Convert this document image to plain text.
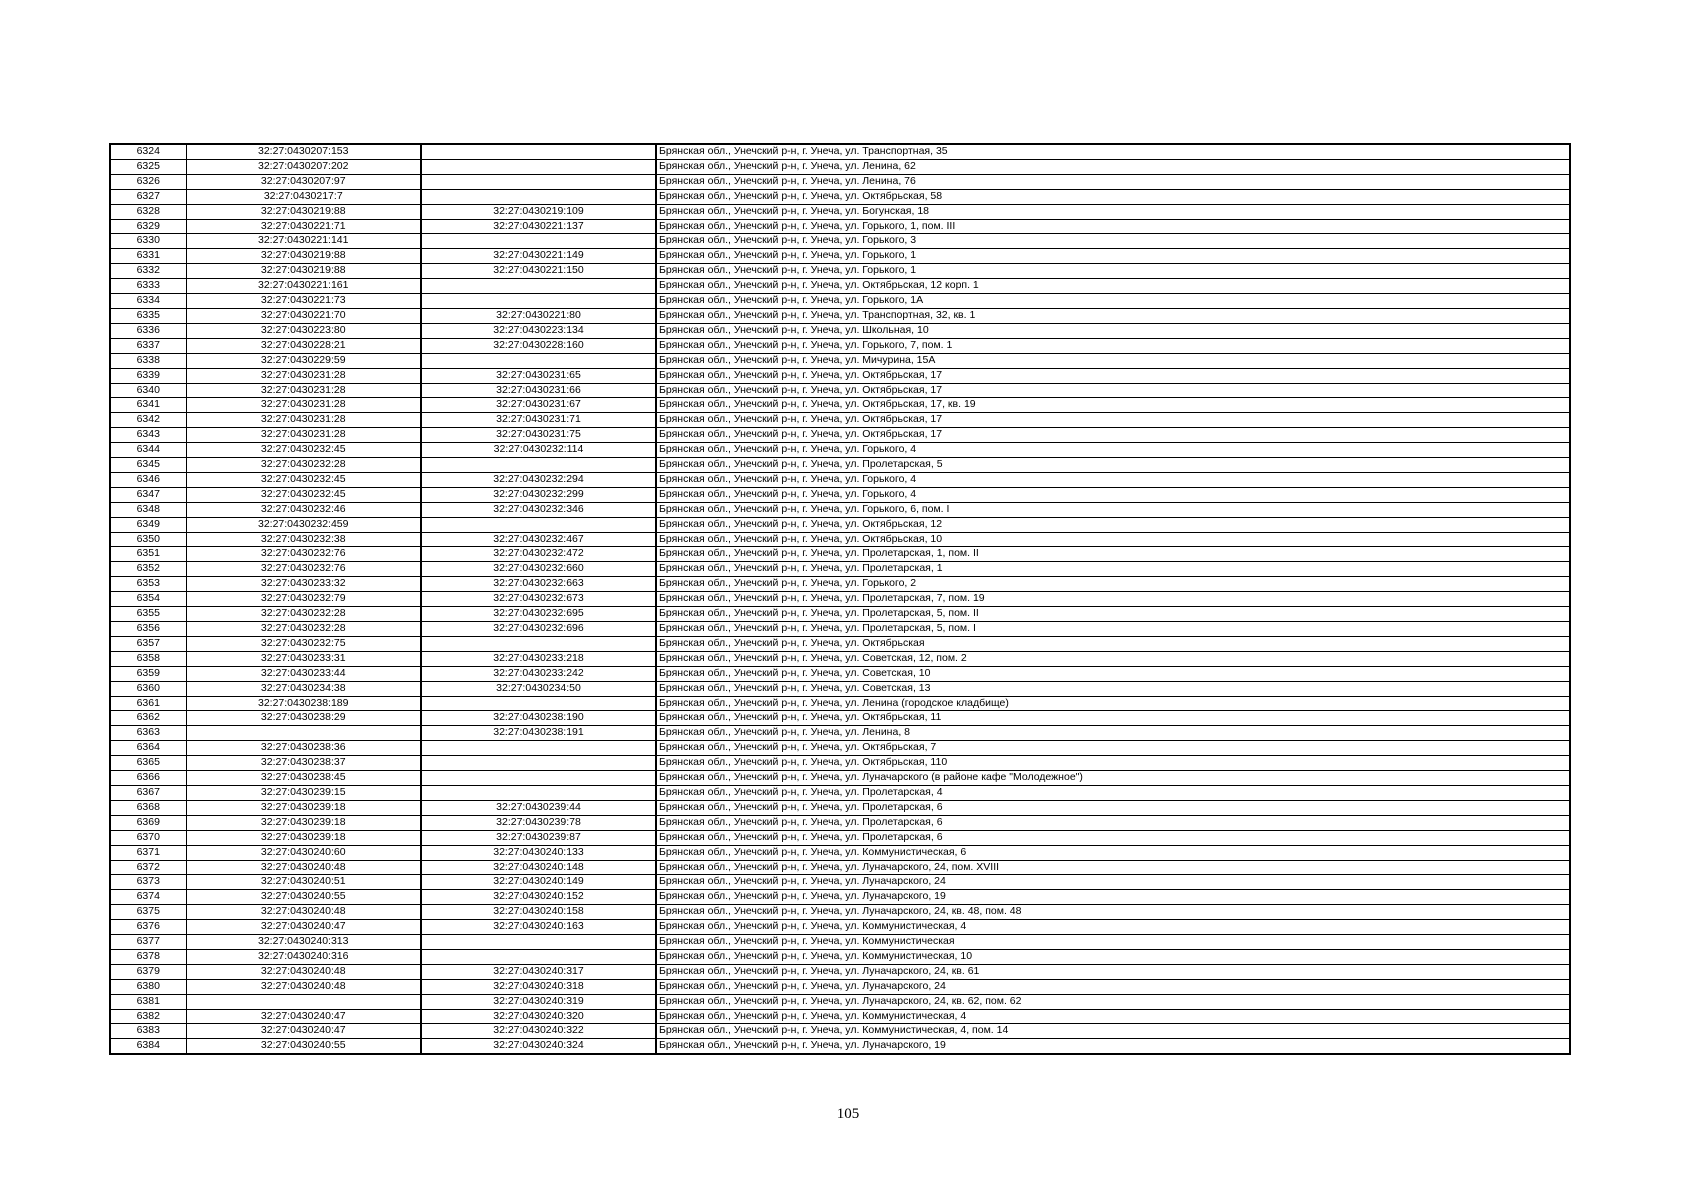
6324	32:27:0430207:153		Брянская обл., Унечский р-н, г. Унеча, ул. Транспортная, 35
6325	32:27:0430207:202		Брянская обл., Унечский р-н, г. Унеча, ул. Ленина, 62
6326	32:27:0430207:97		Брянская обл., Унечский р-н, г. Унеча, ул. Ленина, 76
6327	32:27:0430217:7		Брянская обл., Унечский р-н, г. Унеча, ул. Октябрьская, 58
6328	32:27:0430219:88	32:27:0430219:109	Брянская обл., Унечский р-н, г. Унеча, ул. Богунская, 18
6329	32:27:0430221:71	32:27:0430221:137	Брянская обл., Унечский р-н, г. Унеча, ул. Горького, 1, пом. III
6330	32:27:0430221:141		Брянская обл., Унечский р-н, г. Унеча, ул. Горького, 3
6331	32:27:0430219:88	32:27:0430221:149	Брянская обл., Унечский р-н, г. Унеча, ул. Горького, 1
6332	32:27:0430219:88	32:27:0430221:150	Брянская обл., Унечский р-н, г. Унеча, ул. Горького, 1
6333	32:27:0430221:161		Брянская обл., Унечский р-н, г. Унеча, ул. Октябрьская, 12 корп. 1
6334	32:27:0430221:73		Брянская обл., Унечский р-н, г. Унеча, ул. Горького, 1А
6335	32:27:0430221:70	32:27:0430221:80	Брянская обл., Унечский р-н, г. Унеча, ул. Транспортная, 32, кв. 1
6336	32:27:0430223:80	32:27:0430223:134	Брянская обл., Унечский р-н, г. Унеча, ул. Школьная, 10
6337	32:27:0430228:21	32:27:0430228:160	Брянская обл., Унечский р-н, г. Унеча, ул. Горького, 7, пом. 1
6338	32:27:0430229:59		Брянская обл., Унечский р-н, г. Унеча, ул. Мичурина, 15А
6339	32:27:0430231:28	32:27:0430231:65	Брянская обл., Унечский р-н, г. Унеча, ул. Октябрьская, 17
6340	32:27:0430231:28	32:27:0430231:66	Брянская обл., Унечский р-н, г. Унеча, ул. Октябрьская, 17
6341	32:27:0430231:28	32:27:0430231:67	Брянская обл., Унечский р-н, г. Унеча, ул. Октябрьская, 17, кв. 19
6342	32:27:0430231:28	32:27:0430231:71	Брянская обл., Унечский р-н, г. Унеча, ул. Октябрьская, 17
6343	32:27:0430231:28	32:27:0430231:75	Брянская обл., Унечский р-н, г. Унеча, ул. Октябрьская, 17
6344	32:27:0430232:45	32:27:0430232:114	Брянская обл., Унечский р-н, г. Унеча, ул. Горького, 4
6345	32:27:0430232:28		Брянская обл., Унечский р-н, г. Унеча, ул. Пролетарская, 5
6346	32:27:0430232:45	32:27:0430232:294	Брянская обл., Унечский р-н, г. Унеча, ул. Горького, 4
6347	32:27:0430232:45	32:27:0430232:299	Брянская обл., Унечский р-н, г. Унеча, ул. Горького, 4
6348	32:27:0430232:46	32:27:0430232:346	Брянская обл., Унечский р-н, г. Унеча, ул. Горького, 6, пом. I
6349	32:27:0430232:459		Брянская обл., Унечский р-н, г. Унеча, ул. Октябрьская, 12
6350	32:27:0430232:38	32:27:0430232:467	Брянская обл., Унечский р-н, г. Унеча, ул. Октябрьская, 10
6351	32:27:0430232:76	32:27:0430232:472	Брянская обл., Унечский р-н, г. Унеча, ул. Пролетарская, 1, пом. II
6352	32:27:0430232:76	32:27:0430232:660	Брянская обл., Унечский р-н, г. Унеча, ул. Пролетарская, 1
6353	32:27:0430233:32	32:27:0430232:663	Брянская обл., Унечский р-н, г. Унеча, ул. Горького, 2
6354	32:27:0430232:79	32:27:0430232:673	Брянская обл., Унечский р-н, г. Унеча, ул. Пролетарская, 7, пом. 19
6355	32:27:0430232:28	32:27:0430232:695	Брянская обл., Унечский р-н, г. Унеча, ул. Пролетарская, 5, пом. II
6356	32:27:0430232:28	32:27:0430232:696	Брянская обл., Унечский р-н, г. Унеча, ул. Пролетарская, 5, пом. I
6357	32:27:0430232:75		Брянская обл., Унечский р-н, г. Унеча, ул. Октябрьская
6358	32:27:0430233:31	32:27:0430233:218	Брянская обл., Унечский р-н, г. Унеча, ул. Советская, 12, пом. 2
6359	32:27:0430233:44	32:27:0430233:242	Брянская обл., Унечский р-н, г. Унеча, ул. Советская, 10
6360	32:27:0430234:38	32:27:0430234:50	Брянская обл., Унечский р-н, г. Унеча, ул. Советская, 13
6361	32:27:0430238:189		Брянская обл., Унечский р-н, г. Унеча, ул. Ленина (городское кладбище)
6362	32:27:0430238:29	32:27:0430238:190	Брянская обл., Унечский р-н, г. Унеча, ул. Октябрьская, 11
6363		32:27:0430238:191	Брянская обл., Унечский р-н, г. Унеча, ул. Ленина, 8
6364	32:27:0430238:36		Брянская обл., Унечский р-н, г. Унеча, ул. Октябрьская, 7
6365	32:27:0430238:37		Брянская обл., Унечский р-н, г. Унеча, ул. Октябрьская, 110
6366	32:27:0430238:45		Брянская обл., Унечский р-н, г. Унеча, ул. Луначарского (в районе кафе "Молодежное")
6367	32:27:0430239:15		Брянская обл., Унечский р-н, г. Унеча, ул. Пролетарская, 4
6368	32:27:0430239:18	32:27:0430239:44	Брянская обл., Унечский р-н, г. Унеча, ул. Пролетарская, 6
6369	32:27:0430239:18	32:27:0430239:78	Брянская обл., Унечский р-н, г. Унеча, ул. Пролетарская, 6
6370	32:27:0430239:18	32:27:0430239:87	Брянская обл., Унечский р-н, г. Унеча, ул. Пролетарская, 6
6371	32:27:0430240:60	32:27:0430240:133	Брянская обл., Унечский р-н, г. Унеча, ул. Коммунистическая, 6
6372	32:27:0430240:48	32:27:0430240:148	Брянская обл., Унечский р-н, г. Унеча, ул. Луначарского, 24, пом. XVIII
6373	32:27:0430240:51	32:27:0430240:149	Брянская обл., Унечский р-н, г. Унеча, ул. Луначарского, 24
6374	32:27:0430240:55	32:27:0430240:152	Брянская обл., Унечский р-н, г. Унеча, ул. Луначарского, 19
6375	32:27:0430240:48	32:27:0430240:158	Брянская обл., Унечский р-н, г. Унеча, ул. Луначарского, 24, кв. 48, пом. 48
6376	32:27:0430240:47	32:27:0430240:163	Брянская обл., Унечский р-н, г. Унеча, ул. Коммунистическая, 4
6377	32:27:0430240:313		Брянская обл., Унечский р-н, г. Унеча, ул. Коммунистическая
6378	32:27:0430240:316		Брянская обл., Унечский р-н, г. Унеча, ул. Коммунистическая, 10
6379	32:27:0430240:48	32:27:0430240:317	Брянская обл., Унечский р-н, г. Унеча, ул. Луначарского, 24, кв. 61
6380	32:27:0430240:48	32:27:0430240:318	Брянская обл., Унечский р-н, г. Унеча, ул. Луначарского, 24
6381		32:27:0430240:319	Брянская обл., Унечский р-н, г. Унеча, ул. Луначарского, 24, кв. 62, пом. 62
6382	32:27:0430240:47	32:27:0430240:320	Брянская обл., Унечский р-н, г. Унеча, ул. Коммунистическая, 4
6383	32:27:0430240:47	32:27:0430240:322	Брянская обл., Унечский р-н, г. Унеча, ул. Коммунистическая, 4, пом. 14
6384	32:27:0430240:55	32:27:0430240:324	Брянская обл., Унечский р-н, г. Унеча, ул. Луначарского, 19
105
